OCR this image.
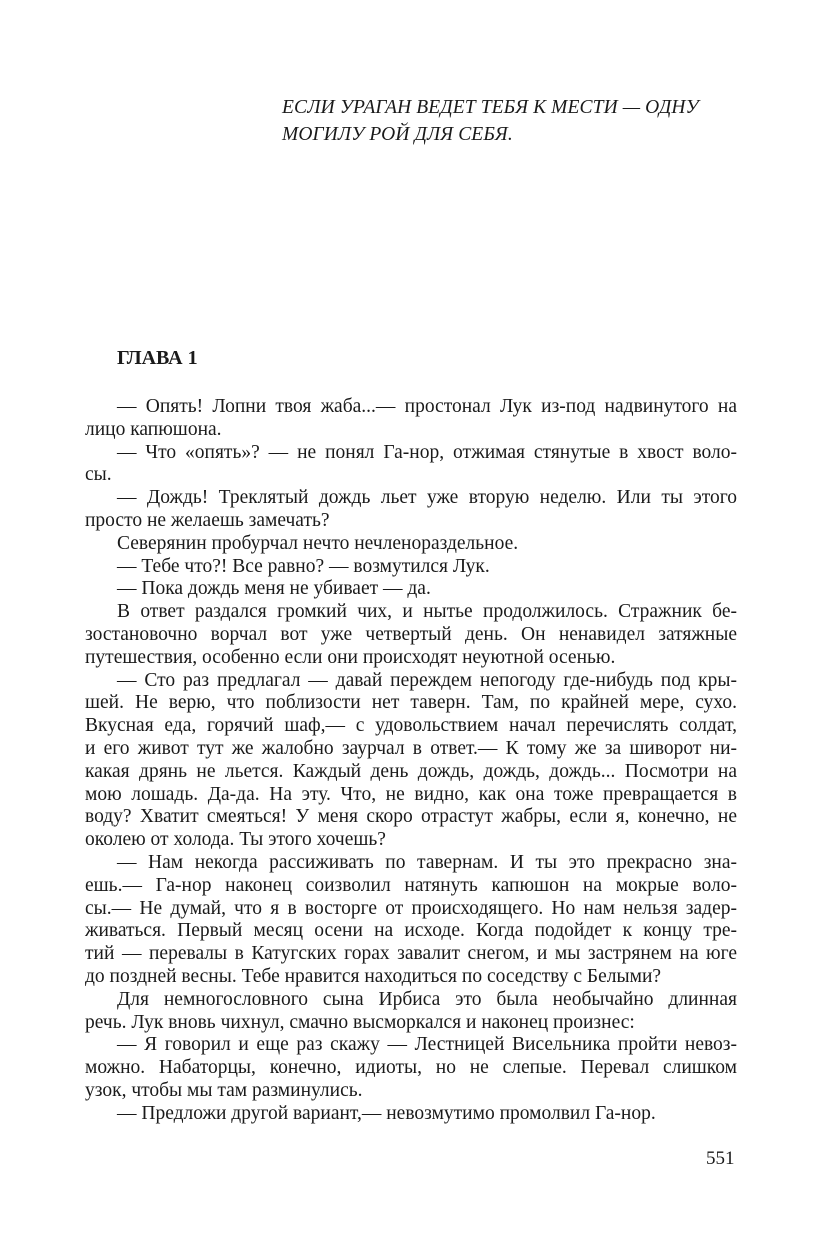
ЕСЛИ УРАГАН ВЕДЕТ ТЕБЯ К МЕСТИ — ОДНУ
МОГИЛУ РОЙ ДЛЯ СЕБЯ.
ГЛАВА 1
— Опять! Лопни твоя жаба...— простонал Лук из-под надвинутого на
лицо капюшона.
— Что «опять»? — не понял Га-нор, отжимая стянутые в хвост воло-
сы.
— Дождь! Треклятый дождь льет уже вторую неделю. Или ты этого
просто не желаешь замечать?
Северянин пробурчал нечто нечленораздельное.
— Тебе что?! Все равно? — возмутился Лук.
— Пока дождь меня не убивает — да.
В ответ раздался громкий чих, и нытье продолжилось. Стражник бе-
зостановочно ворчал вот уже четвертый день. Он ненавидел затяжные
путешествия, особенно если они происходят неуютной осенью.
— Сто раз предлагал — давай переждем непогоду где-нибудь под кры-
шей. Не верю, что поблизости нет таверн. Там, по крайней мере, сухо.
Вкусная еда, горячий шаф,— с удовольствием начал перечислять солдат,
и его живот тут же жалобно заурчал в ответ.— К тому же за шиворот ни-
какая дрянь не льется. Каждый день дождь, дождь, дождь... Посмотри на
мою лошадь. Да-да. На эту. Что, не видно, как она тоже превращается в
воду? Хватит смеяться! У меня скоро отрастут жабры, если я, конечно, не
околею от холода. Ты этого хочешь?
— Нам некогда рассиживать по тавернам. И ты это прекрасно зна-
ешь.— Га-нор наконец соизволил натянуть капюшон на мокрые воло-
сы.— Не думай, что я в восторге от происходящего. Но нам нельзя задер-
живаться. Первый месяц осени на исходе. Когда подойдет к концу тре-
тий — перевалы в Катугских горах завалит снегом, и мы застрянем на юге
до поздней весны. Тебе нравится находиться по соседству с Белыми?
Для немногословного сына Ирбиса это была необычайно длинная
речь. Лук вновь чихнул, смачно высморкался и наконец произнес:
— Я говорил и еще раз скажу — Лестницей Висельника пройти невоз-
можно. Набаторцы, конечно, идиоты, но не слепые. Перевал слишком
узок, чтобы мы там разминулись.
— Предложи другой вариант,— невозмутимо промолвил Га-нор.
551
